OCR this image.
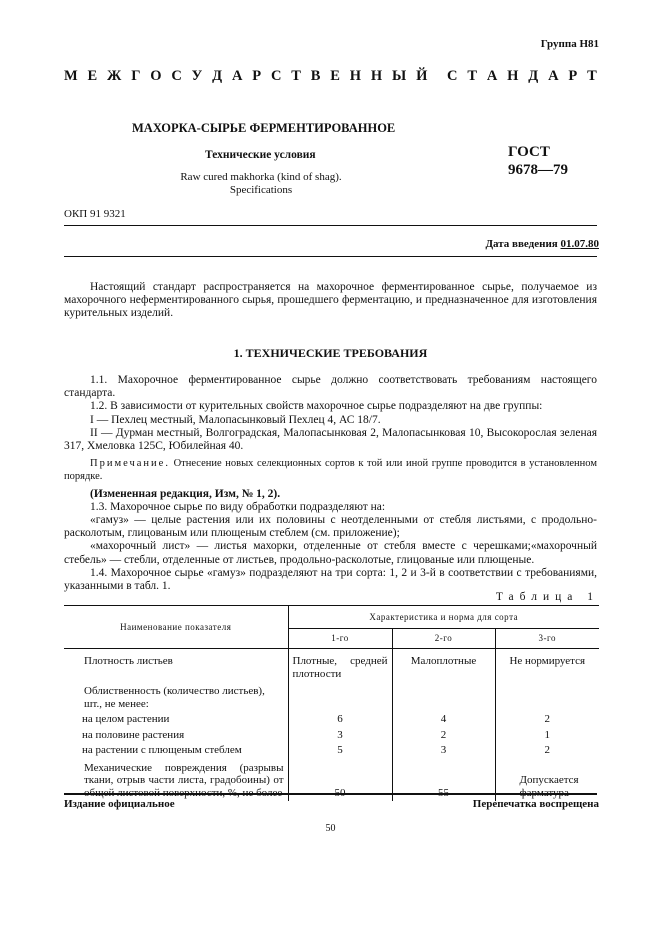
Группа Н81
М Е Ж Г О С У Д А Р С Т В Е Н Н Ы Й С Т А Н Д А Р Т
МАХОРКА-СЫРЬЕ ФЕРМЕНТИРОВАННОЕ
Технические условия
Raw cured makhorka (kind of shag).
Specifications
ГОСТ
9678—79
ОКП 91 9321
Дата введения 01.07.80
Настоящий стандарт распространяется на махорочное ферментированное сырье, получаемое из махорочного неферментированного сырья, прошедшего ферментацию, и предназначенное для изготовления курительных изделий.
1. ТЕХНИЧЕСКИЕ ТРЕБОВАНИЯ
1.1. Махорочное ферментированное сырье должно соответствовать требованиям настоящего стандарта.
1.2. В зависимости от курительных свойств махорочное сырье подразделяют на две группы:
I — Пехлец местный, Малопасынковый Пехлец 4, АС 18/7.
II — Дурман местный, Волгоградская, Малопасынковая 2, Малопасынковая 10, Высокорослая зеленая 317, Хмеловка 125С, Юбилейная 40.
Примечание. Отнесение новых селекционных сортов к той или иной группе проводится в установленном порядке.
(Измененная редакция, Изм, № 1, 2).
1.3. Махорочное сырье по виду обработки подразделяют на:
«гамуз» — целые растения или их половины с неотделенными от стебля листьями, с продольно-расколотым, глицованым или плющеным стеблем (см. приложение);
«махорочный лист» — листья махорки, отделенные от стебля вместе с черешками;«махорочный стебель» — стебли, отделенные от листьев, продольно-расколотые, глицованые или плющеные.
1.4. Махорочное сырье «гамуз» подразделяют на три сорта: 1, 2 и 3-й в соответствии с требованиями, указанными в табл. 1.
Таблица 1
Наименование показателя	Характеристика и норма для сорта		
	1-го	2-го	3-го
Плотность листьев	Плотные, средней плотности	Малоплотные	Не нормируется
Облиственность (количество листьев), шт., не менее:			
на целом растении	6	4	2
на половине растения	3	2	1
на растении с плющеным стеблем	5	3	2
Механические повреждения (разрывы ткани, отрыв части листа, градобоины) от общей листовой поверхности, %, не более	50	55	Допускается фарматура
Издание официальное	Перепечатка воспрещена
50
